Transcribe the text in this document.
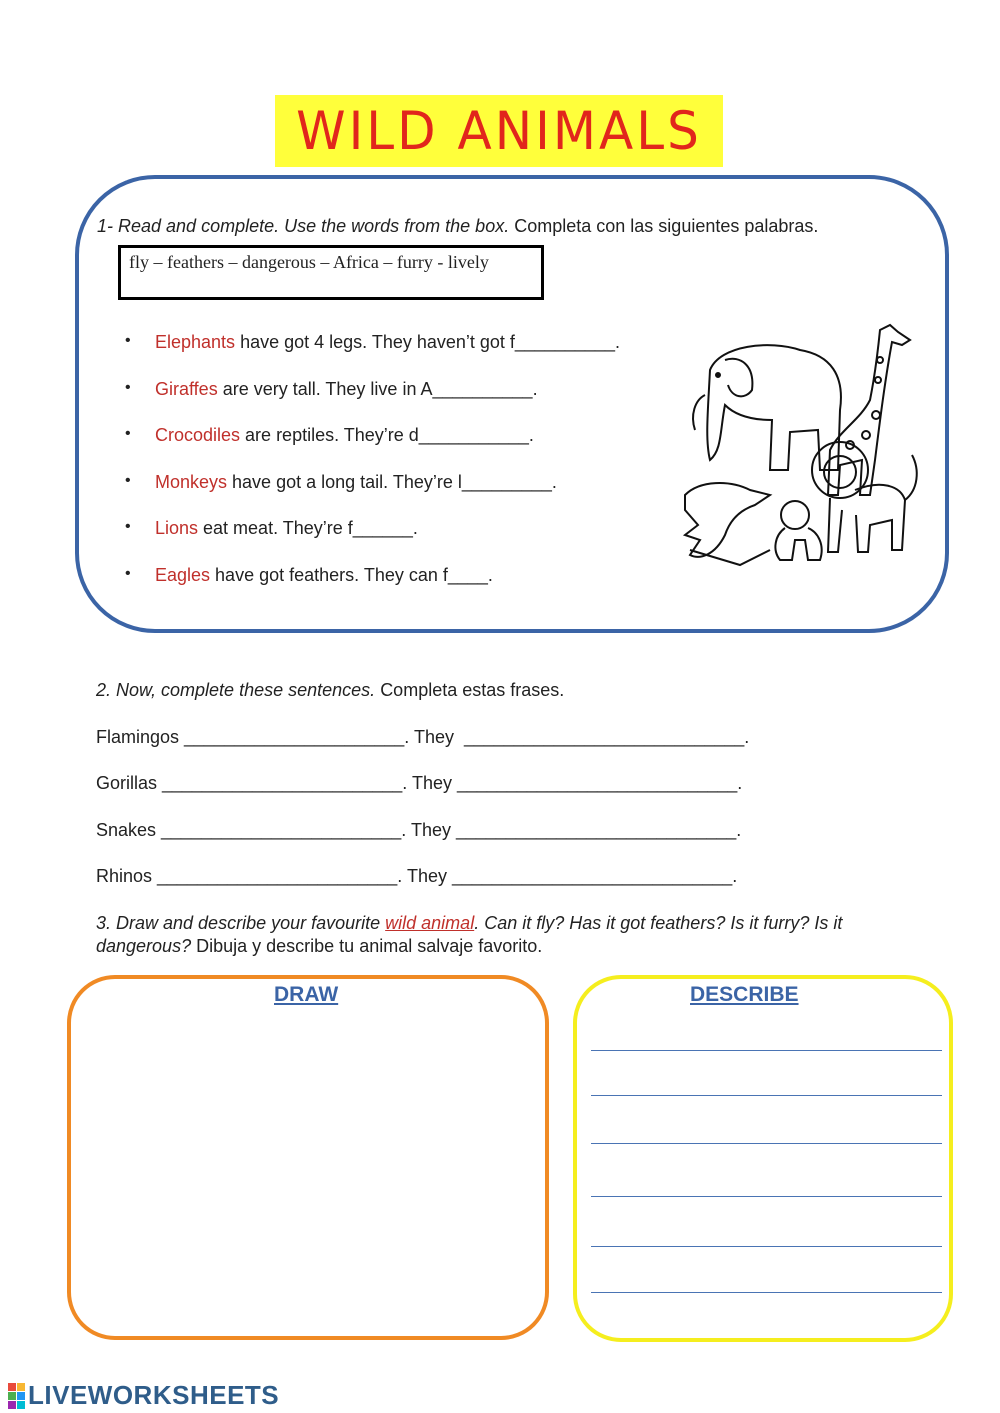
WILD ANIMALS
1- Read and complete. Use the words from the box. Completa con las siguientes palabras.
fly – feathers – dangerous – Africa – furry - lively
•	Elephants have got 4 legs. They haven’t got f__________.
•	Giraffes are very tall. They live in A__________.
•	Crocodiles are reptiles. They’re d___________.
•	Monkeys have got a long tail. They’re l_________.
•	Lions eat meat. They’re f______.
•	Eagles have got feathers. They can f____.
2. Now, complete these sentences. Completa estas frases.
Flamingos ______________________. They  ____________________________.
Gorillas ________________________. They ____________________________.
Snakes ________________________. They ____________________________.
Rhinos ________________________. They ____________________________.
3. Draw and describe your favourite wild animal. Can it fly? Has it got feathers? Is it furry? Is it dangerous? Dibuja y describe tu animal salvaje favorito.
DRAW	DESCRIBE
LIVEWORKSHEETS
